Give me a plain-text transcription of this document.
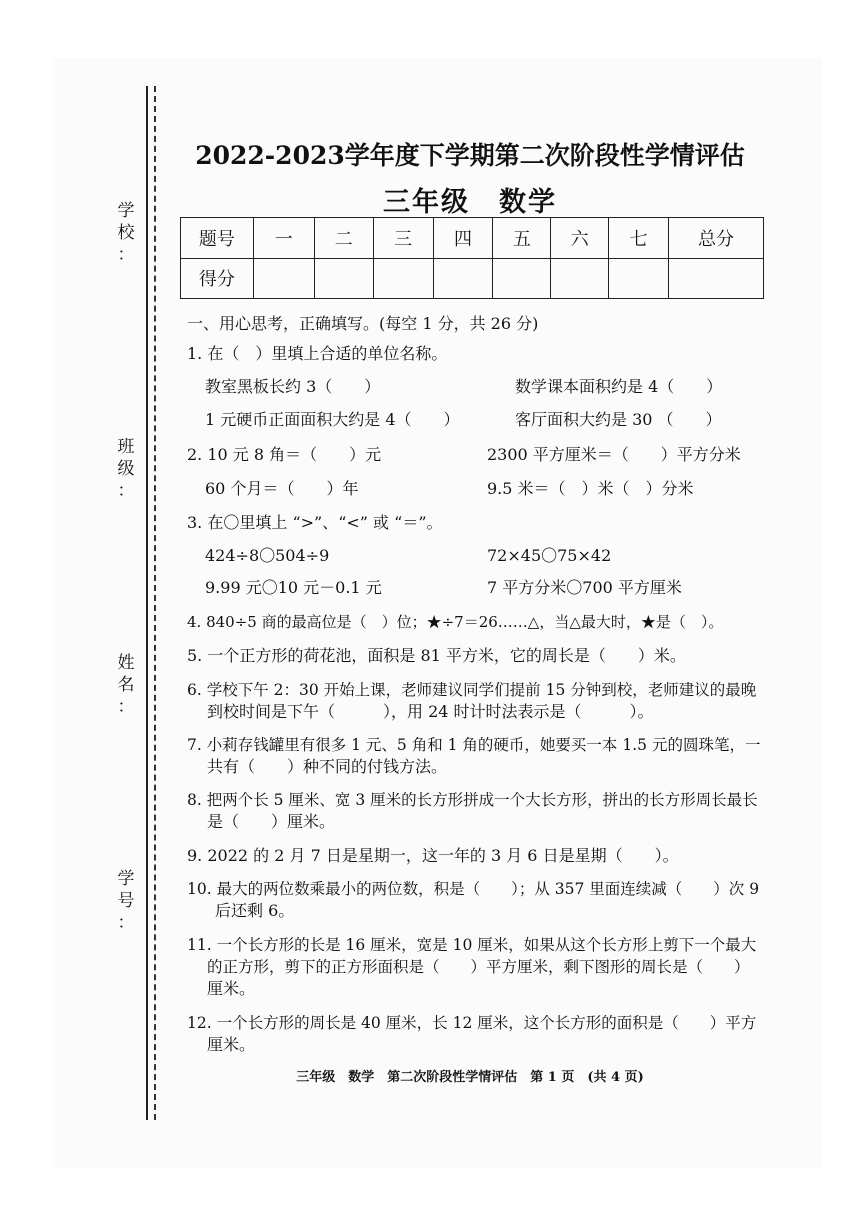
学
校
：
班
级
：
姓
名
：
学
号
：
2022-2023学年度下学期第二次阶段性学情评估
三年级　数学
题号	一	二	三	四	五	六	七	总分
得分								
一、用心思考，正确填写。(每空 1 分，共 26 分)
1. 在（　）里填上合适的单位名称。
教室黑板长约 3（　　）	数学课本面积约是 4（　　）
1 元硬币正面面积大约是 4（　　）	客厅面积大约是 30 （　　）
2. 10 元 8 角＝（　　）元	2300 平方厘米＝（　　）平方分米
60 个月＝（　　）年	9.5 米＝（　）米（　）分米
3. 在〇里填上 “>”、“<” 或 “＝”。
424÷8〇504÷9	72×45〇75×42
9.99 元〇10 元－0.1 元	7 平方分米〇700 平方厘米
4. 840÷5 商的最高位是（　）位；★÷7＝26……△，当△最大时，★是（　）。
5. 一个正方形的荷花池，面积是 81 平方米，它的周长是（　　）米。
6. 学校下午 2：30 开始上课，老师建议同学们提前 15 分钟到校，老师建议的最晚
到校时间是下午（　　　），用 24 时计时法表示是（　　　）。
7. 小莉存钱罐里有很多 1 元、5 角和 1 角的硬币，她要买一本 1.5 元的圆珠笔，一
共有（　　）种不同的付钱方法。
8. 把两个长 5 厘米、宽 3 厘米的长方形拼成一个大长方形，拼出的长方形周长最长
是（　　）厘米。
9. 2022 的 2 月 7 日是星期一，这一年的 3 月 6 日是星期（　　）。
10. 最大的两位数乘最小的两位数，积是（　　）；从 357 里面连续减（　　）次 9
后还剩 6。
11. 一个长方形的长是 16 厘米，宽是 10 厘米，如果从这个长方形上剪下一个最大
的正方形，剪下的正方形面积是（　　）平方厘米，剩下图形的周长是（　　）
厘米。
12. 一个长方形的周长是 40 厘米，长 12 厘米，这个长方形的面积是（　　）平方
厘米。
三年级　数学　第二次阶段性学情评估　第 1 页　(共 4 页)
